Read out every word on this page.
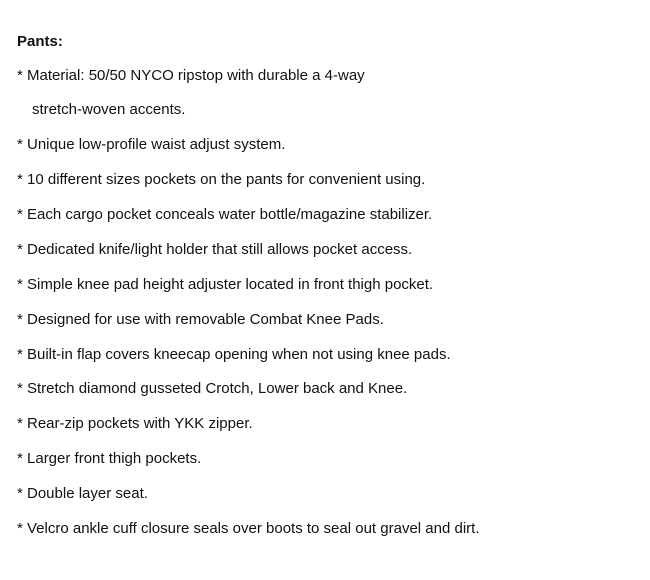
Pants:
* Material: 50/50 NYCO ripstop with durable a 4-way
stretch-woven accents.
* Unique low-profile waist adjust system.
* 10 different sizes pockets on the pants for convenient using.
* Each cargo pocket conceals water bottle/magazine stabilizer.
* Dedicated knife/light holder that still allows pocket access.
* Simple knee pad height adjuster located in front thigh pocket.
* Designed for use with removable Combat Knee Pads.
* Built-in flap covers kneecap opening when not using knee pads.
* Stretch diamond gusseted Crotch, Lower back and Knee.
* Rear-zip pockets with YKK zipper.
* Larger front thigh pockets.
* Double layer seat.
* Velcro ankle cuff closure seals over boots to seal out gravel and dirt.
